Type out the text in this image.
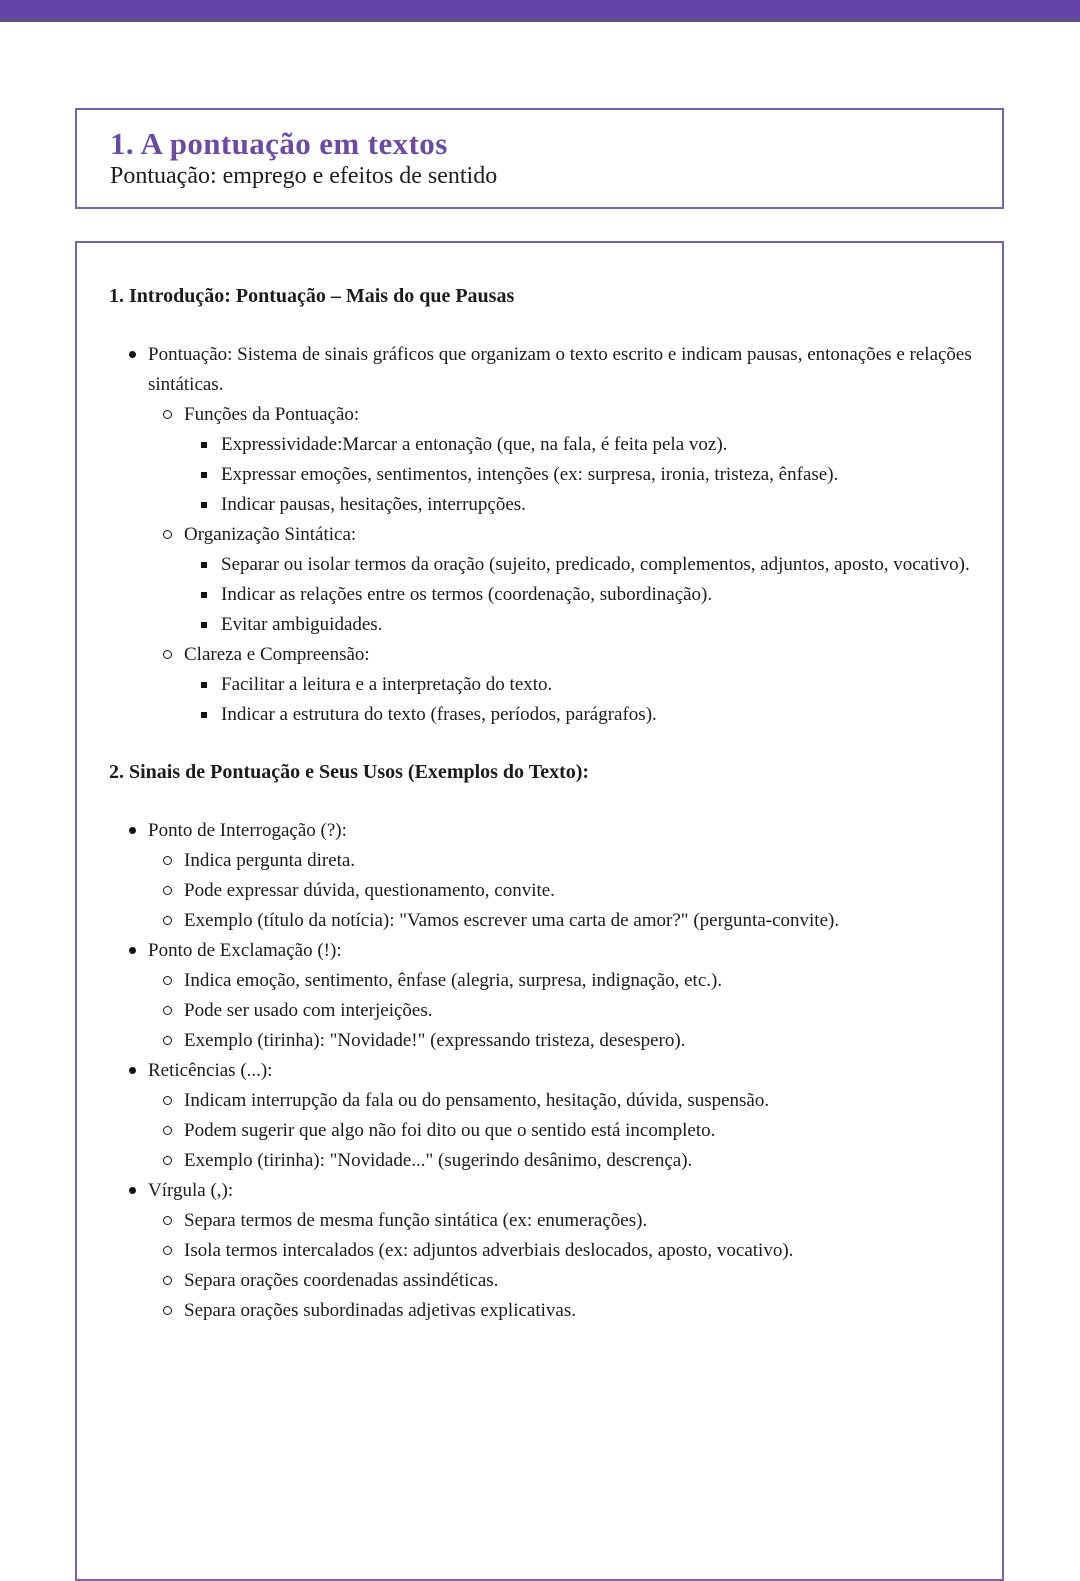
1. A pontuação em textos
Pontuação: emprego e efeitos de sentido
1. Introdução: Pontuação – Mais do que Pausas
Pontuação: Sistema de sinais gráficos que organizam o texto escrito e indicam pausas, entonações e relações sintáticas.
Funções da Pontuação:
Expressividade:Marcar a entonação (que, na fala, é feita pela voz).
Expressar emoções, sentimentos, intenções (ex: surpresa, ironia, tristeza, ênfase).
Indicar pausas, hesitações, interrupções.
Organização Sintática:
Separar ou isolar termos da oração (sujeito, predicado, complementos, adjuntos, aposto, vocativo).
Indicar as relações entre os termos (coordenação, subordinação).
Evitar ambiguidades.
Clareza e Compreensão:
Facilitar a leitura e a interpretação do texto.
Indicar a estrutura do texto (frases, períodos, parágrafos).
2. Sinais de Pontuação e Seus Usos (Exemplos do Texto):
Ponto de Interrogação (?):
Indica pergunta direta.
Pode expressar dúvida, questionamento, convite.
Exemplo (título da notícia): "Vamos escrever uma carta de amor?" (pergunta-convite).
Ponto de Exclamação (!):
Indica emoção, sentimento, ênfase (alegria, surpresa, indignação, etc.).
Pode ser usado com interjeições.
Exemplo (tirinha): "Novidade!" (expressando tristeza, desespero).
Reticências (...):
Indicam interrupção da fala ou do pensamento, hesitação, dúvida, suspensão.
Podem sugerir que algo não foi dito ou que o sentido está incompleto.
Exemplo (tirinha): "Novidade..." (sugerindo desânimo, descrença).
Vírgula (,):
Separa termos de mesma função sintática (ex: enumerações).
Isola termos intercalados (ex: adjuntos adverbiais deslocados, aposto, vocativo).
Separa orações coordenadas assindéticas.
Separa orações subordinadas adjetivas explicativas.
